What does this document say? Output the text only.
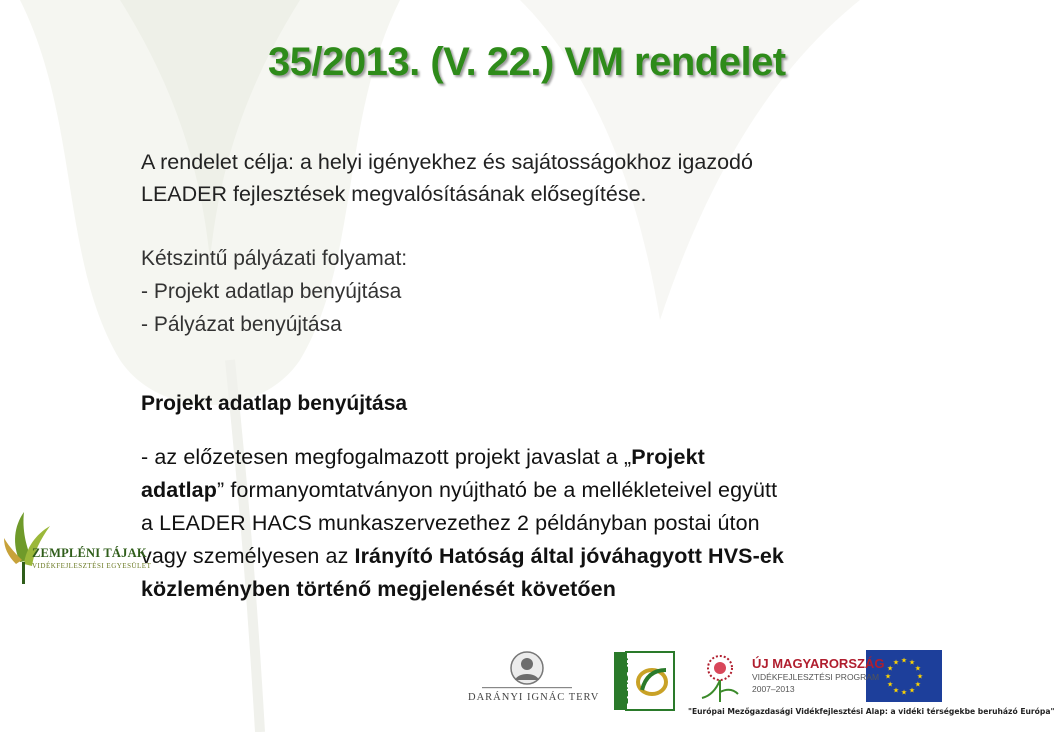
35/2013. (V. 22.) VM rendelet

A rendelet célja: a helyi igényekhez és sajátosságokhoz igazodó
LEADER fejlesztések megvalósításának elősegítése.

Kétszintű pályázati folyamat:
- Projekt adatlap benyújtása
- Pályázat benyújtása

Projekt adatlap benyújtása

- az előzetesen megfogalmazott projekt javaslat a „Projekt
adatlap” formanyomtatványon nyújtható be a mellékleteivel együtt
a LEADER HACS munkaszervezethez 2 példányban postai úton
vagy személyesen az Irányító Hatóság által jóváhagyott HVS-ek
közleményben történő megjelenését követően

ZEMPLÉNI TÁJAK
VIDÉKFEJLESZTÉSI EGYESÜLET
DARÁNYI IGNÁC TERV LEADER	ÚJ MAGYARORSZÁG
VIDÉKFEJLESZTÉSI PROGRAM
2007–2013
★
★
★
★
★
★
★
★
★ ★ ★
★
"Európai Mezőgazdasági Vidékfejlesztési Alap: a vidéki térségekbe beruházó Európa"
